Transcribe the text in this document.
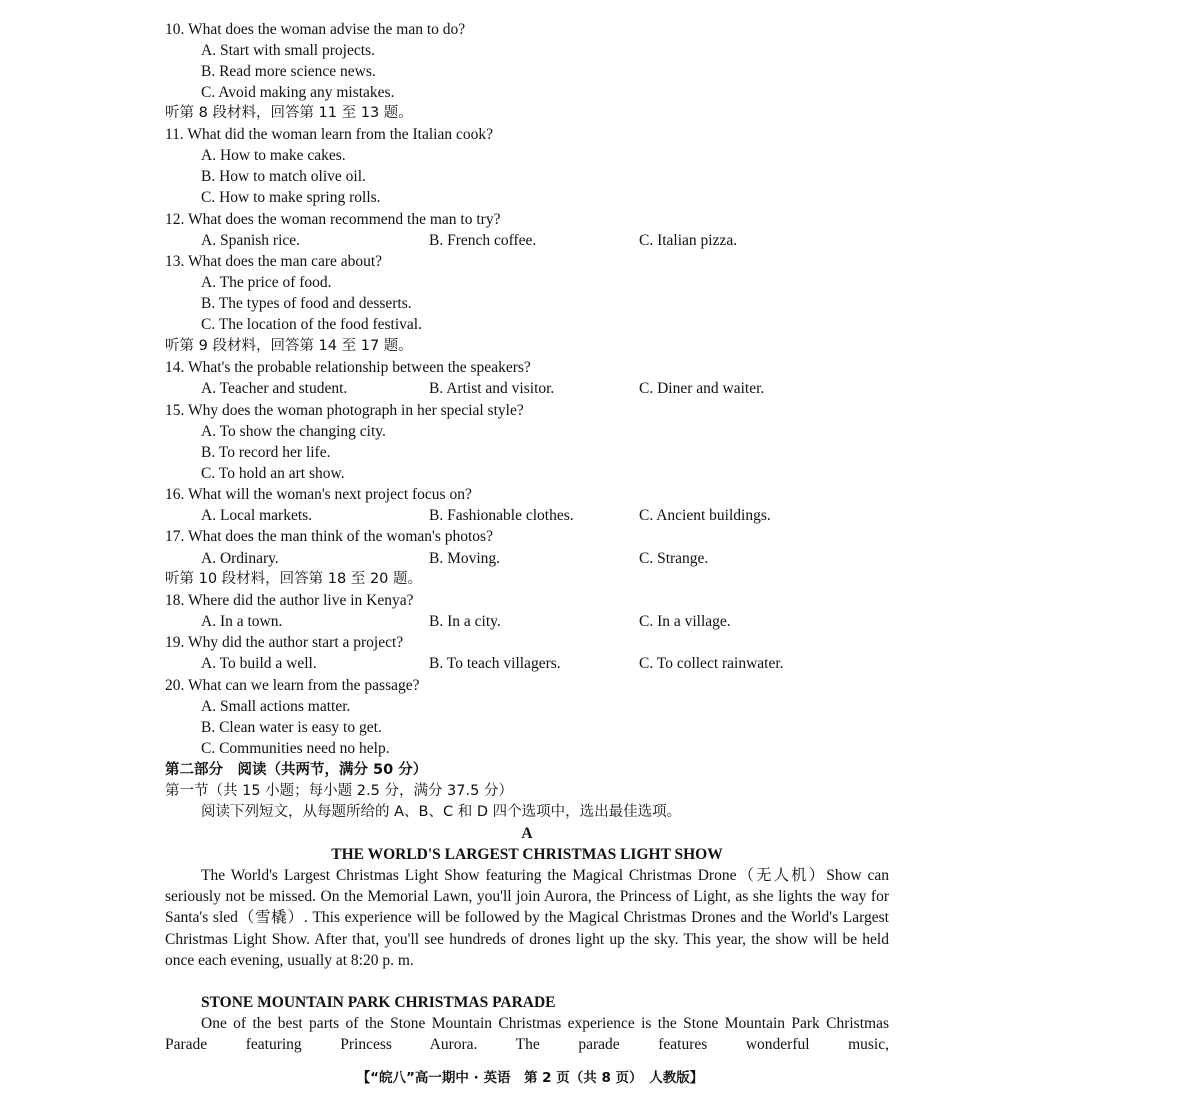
10. What does the woman advise the man to do?
A. Start with small projects.
B. Read more science news.
C. Avoid making any mistakes.
听第 8 段材料，回答第 11 至 13 题。
11. What did the woman learn from the Italian cook?
A. How to make cakes.
B. How to match olive oil.
C. How to make spring rolls.
12. What does the woman recommend the man to try?
A. Spanish rice.	B. French coffee.	C. Italian pizza.
13. What does the man care about?
A. The price of food.
B. The types of food and desserts.
C. The location of the food festival.
听第 9 段材料，回答第 14 至 17 题。
14. What's the probable relationship between the speakers?
A. Teacher and student.	B. Artist and visitor.	C. Diner and waiter.
15. Why does the woman photograph in her special style?
A. To show the changing city.
B. To record her life.
C. To hold an art show.
16. What will the woman's next project focus on?
A. Local markets.	B. Fashionable clothes.	C. Ancient buildings.
17. What does the man think of the woman's photos?
A. Ordinary.	B. Moving.	C. Strange.
听第 10 段材料，回答第 18 至 20 题。
18. Where did the author live in Kenya?
A. In a town.	B. In a city.	C. In a village.
19. Why did the author start a project?
A. To build a well.	B. To teach villagers.	C. To collect rainwater.
20. What can we learn from the passage?
A. Small actions matter.
B. Clean water is easy to get.
C. Communities need no help.
第二部分　阅读（共两节，满分 50 分）
第一节（共 15 小题；每小题 2.5 分，满分 37.5 分）
阅读下列短文，从每题所给的 A、B、C 和 D 四个选项中，选出最佳选项。
A
THE WORLD'S LARGEST CHRISTMAS LIGHT SHOW

The World's Largest Christmas Light Show featuring the Magical Christmas Drone（无人机）Show can seriously not be missed. On the Memorial Lawn, you'll join Aurora, the Princess of Light, as she lights the way for Santa's sled（雪橇）. This experience will be followed by the Magical Christmas Drones and the World's Largest Christmas Light Show. After that, you'll see hundreds of drones light up the sky. This year, the show will be held once each evening, usually at 8:20 p. m.

STONE MOUNTAIN PARK CHRISTMAS PARADE

One of the best parts of the Stone Mountain Christmas experience is the Stone Mountain Park Christmas Parade featuring Princess Aurora. The parade features wonderful music,

【“皖八”高一期中 · 英语　第 2 页（共 8 页）　人教版】
